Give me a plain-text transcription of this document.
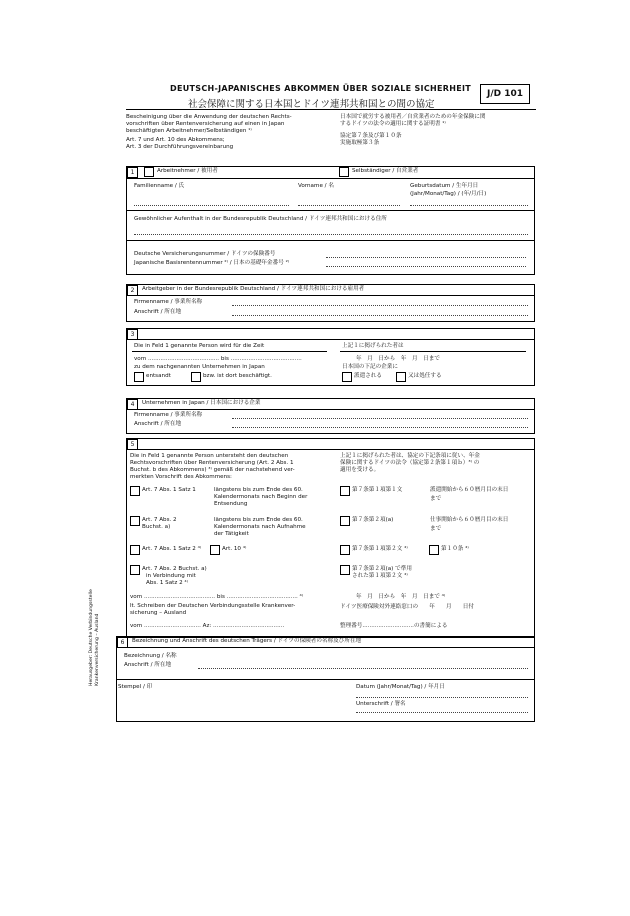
Herausgeber: Deutsche Verbindungsstelle Krankenversicherung – Ausland
DEUTSCH-JAPANISCHES ABKOMMEN ÜBER SOZIALE SICHERHEIT
社会保障に関する日本国とドイツ連邦共和国との間の協定
J/D 101
Bescheinigung über die Anwendung der deutschen Rechts-
vorschriften über Rentenversicherung auf einen in Japan
beschäftigten Arbeitnehmer/Selbständigen ¹⁾
Art. 7 und Art. 10 des Abkommens;
Art. 3 der Durchführungsvereinbarung
日本国で就労する被用者／自営業者のための年金保険に関
するドイツの法令の適用に関する証明書 ¹⁾
協定第７条及び第１０条
実施取極第３条
1	Arbeitnehmer / 被用者	Selbständiger / 自営業者
Familienname / 氏	Vorname / 名	Geburtsdatum / 生年月日
(Jahr/Monat/Tag) / (年/月/日)
Gewöhnlicher Aufenthalt in der Bundesrepublik Deutschland / ドイツ連邦共和国における住所
Deutsche Versicherungsnummer / ドイツの保険番号
Japanische Basisrentennummer ²⁾ / 日本の基礎年金番号 ²⁾
2	Arbeitgeber in der Bundesrepublik Deutschland / ドイツ連邦共和国における雇用者
Firmenname / 事業所名称
Anschrift / 所在地
3
Die in Feld 1 genannte Person wird für die Zeit
vom ........................................ bis ........................................
zu dem nachgenannten Unternehmen in Japan
entsandt	bzw. ist dort beschäftigt.
上記１に掲げられた者は
年　月　日から　年　月　日まで
日本国の下記の企業に
派遣される	又は処任する
4	Unternehmen in Japan / 日本国における企業
Firmenname / 事業所名称
Anschrift / 所在地
5
Die in Feld 1 genannte Person untersteht den deutschen
Rechtsvorschriften über Rentenversicherung (Art. 2 Abs. 1
Buchst. b des Abkommens) ³⁾ gemäß der nachstehend ver-
merkten Vorschrift des Abkommens:
上記１に掲げられた者は、協定の下記条項に従い、年金
保険に関するドイツの法令（協定第２条第１項ｂ）³⁾ の
適用を受ける。
Art. 7 Abs. 1 Satz 1	längstens bis zum Ende des 60.
Kalendermonats nach Beginn der
Entsendung
第７条第１項第１文	派遣開始から６０暦月目の末日
まで
Art. 7 Abs. 2
Buchst. a)
längstens bis zum Ende des 60.
Kalendermonats nach Aufnahme
der Tätigkeit
第７条第２項(a)	仕事開始から６０暦月目の末日
まで
Art. 7 Abs. 1 Satz 2 ⁴⁾	Art. 10 ⁴⁾	第７条第１項第２文 ⁴⁾	第１０条 ⁴⁾
Art. 7 Abs. 2 Buchst. a)
in Verbindung mit
Abs. 1 Satz 2 ⁴⁾
第７条第２項(a) で準用
された第１項第２文 ⁴⁾
vom ........................................ bis ........................................ ⁴⁾
lt. Schreiben der Deutschen Verbindungsstelle Krankenver-
sicherung – Ausland
vom ................................ Az: ........................................
年　月　日から　年　月　日まで ⁴⁾
ドイツ医療保険対外連絡窓口の　　年　　月　　日付
整理番号.............................の書簡による
6	Bezeichnung und Anschrift des deutschen Trägers / ドイツの保険者の名称及び所在地
Bezeichnung / 名称
Anschrift / 所在地
Stempel / 印	Datum (Jahr/Monat/Tag) / 年月日
Unterschrift / 署名
